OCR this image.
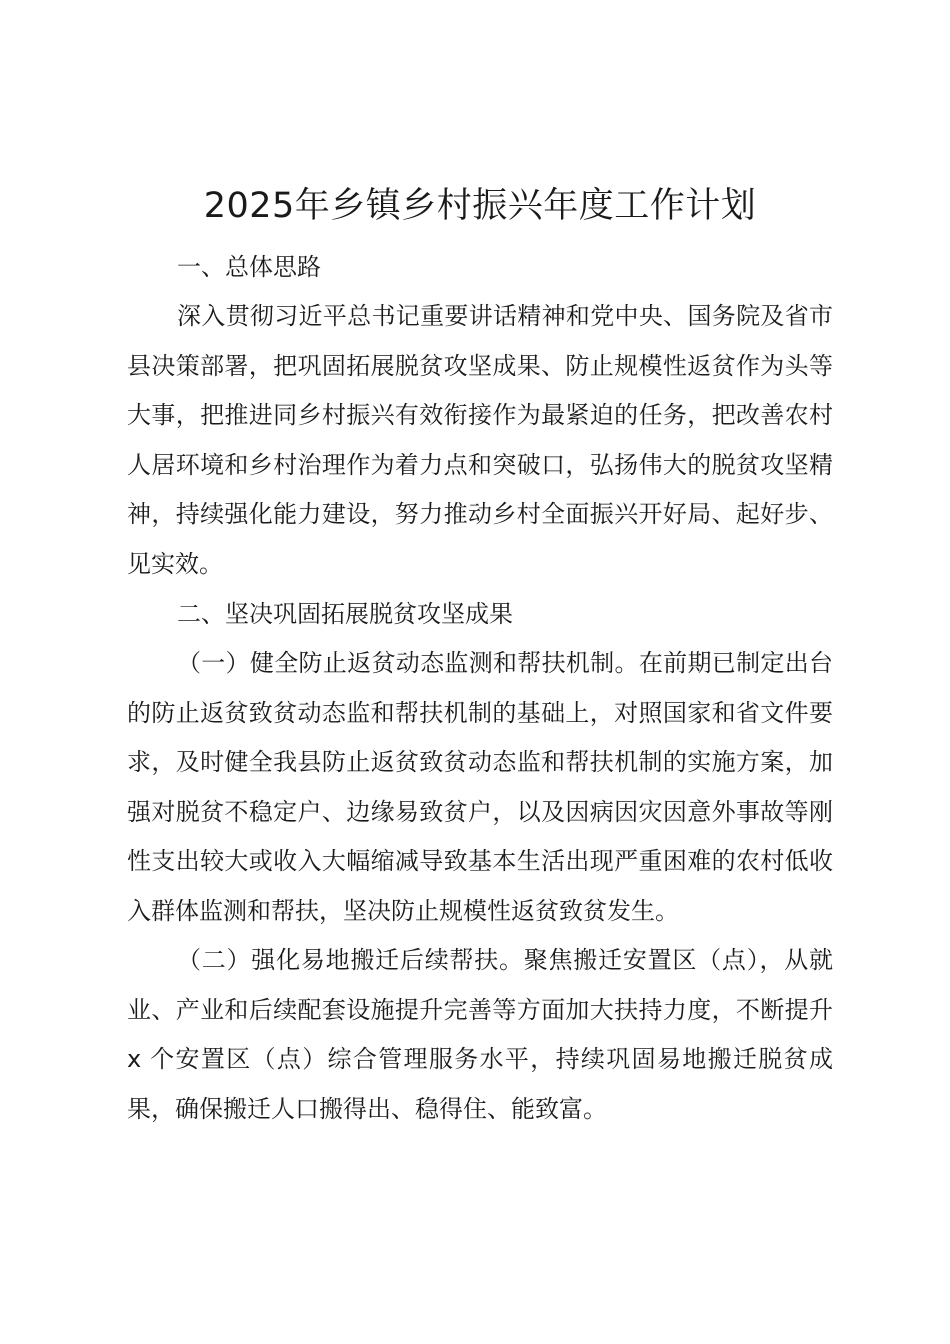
2025年乡镇乡村振兴年度工作计划

一、总体思路

深入贯彻习近平总书记重要讲话精神和党中央、国务院及省市县决策部署，把巩固拓展脱贫攻坚成果、防止规模性返贫作为头等大事，把推进同乡村振兴有效衔接作为最紧迫的任务，把改善农村人居环境和乡村治理作为着力点和突破口，弘扬伟大的脱贫攻坚精神，持续强化能力建设，努力推动乡村全面振兴开好局、起好步、见实效。

二、坚决巩固拓展脱贫攻坚成果

（一）健全防止返贫动态监测和帮扶机制。在前期已制定出台的防止返贫致贫动态监和帮扶机制的基础上，对照国家和省文件要求，及时健全我县防止返贫致贫动态监和帮扶机制的实施方案，加强对脱贫不稳定户、边缘易致贫户，以及因病因灾因意外事故等刚性支出较大或收入大幅缩减导致基本生活出现严重困难的农村低收入群体监测和帮扶，坚决防止规模性返贫致贫发生。

（二）强化易地搬迁后续帮扶。聚焦搬迁安置区（点），从就业、产业和后续配套设施提升完善等方面加大扶持力度，不断提升 x 个安置区（点）综合管理服务水平，持续巩固易地搬迁脱贫成果，确保搬迁人口搬得出、稳得住、能致富。
